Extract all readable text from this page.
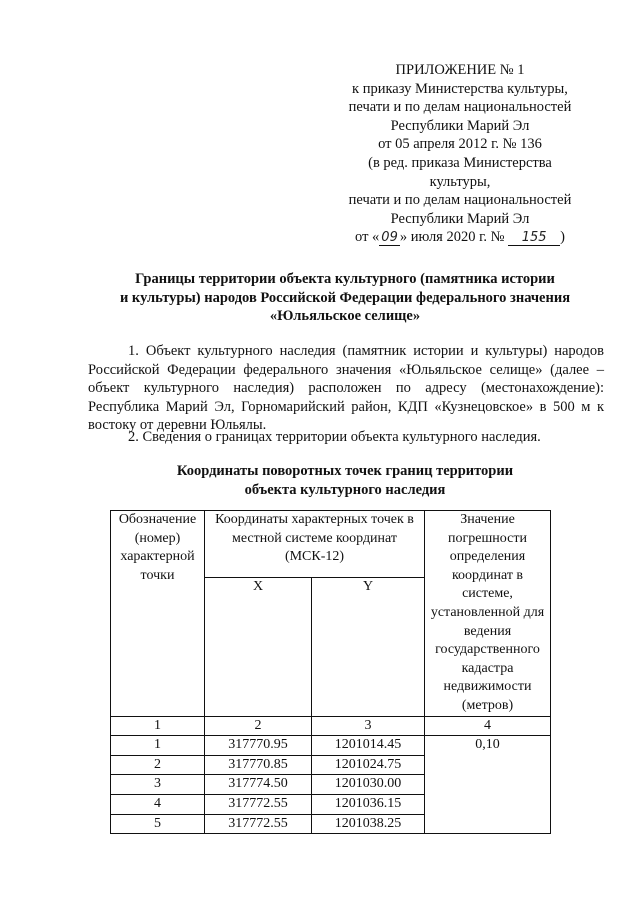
ПРИЛОЖЕНИЕ № 1
к приказу Министерства культуры,
печати и по делам национальностей
Республики Марий Эл
от 05 апреля 2012 г. № 136
(в ред. приказа Министерства
культуры,
печати и по делам национальностей
Республики Марий Эл
от « 09 » июля 2020 г. № 155 )
Границы территории объекта культурного (памятника истории
и культуры) народов Российской Федерации федерального значения
«Юльяльское селище»
1. Объект культурного наследия (памятник истории и культуры) народов Российской Федерации федерального значения «Юльяльское селище» (далее – объект культурного наследия) расположен по адресу (местонахождение): Республика Марий Эл, Горномарийский район, КДП «Кузнецовское» в 500 м к востоку от деревни Юльялы.
2. Сведения о границах территории объекта культурного наследия.
Координаты поворотных точек границ территории
объекта культурного наследия
Обозначение (номер) характерной точки	Координаты характерных точек в местной системе координат (МСК-12)		Значение погрешности определения координат в системе, установленной для ведения государственного кадастра недвижимости (метров)
	X	Y	
1	2	3	4
1	317770.95	1201014.45	0,10
2	317770.85	1201024.75	
3	317774.50	1201030.00	
4	317772.55	1201036.15	
5	317772.55	1201038.25	
